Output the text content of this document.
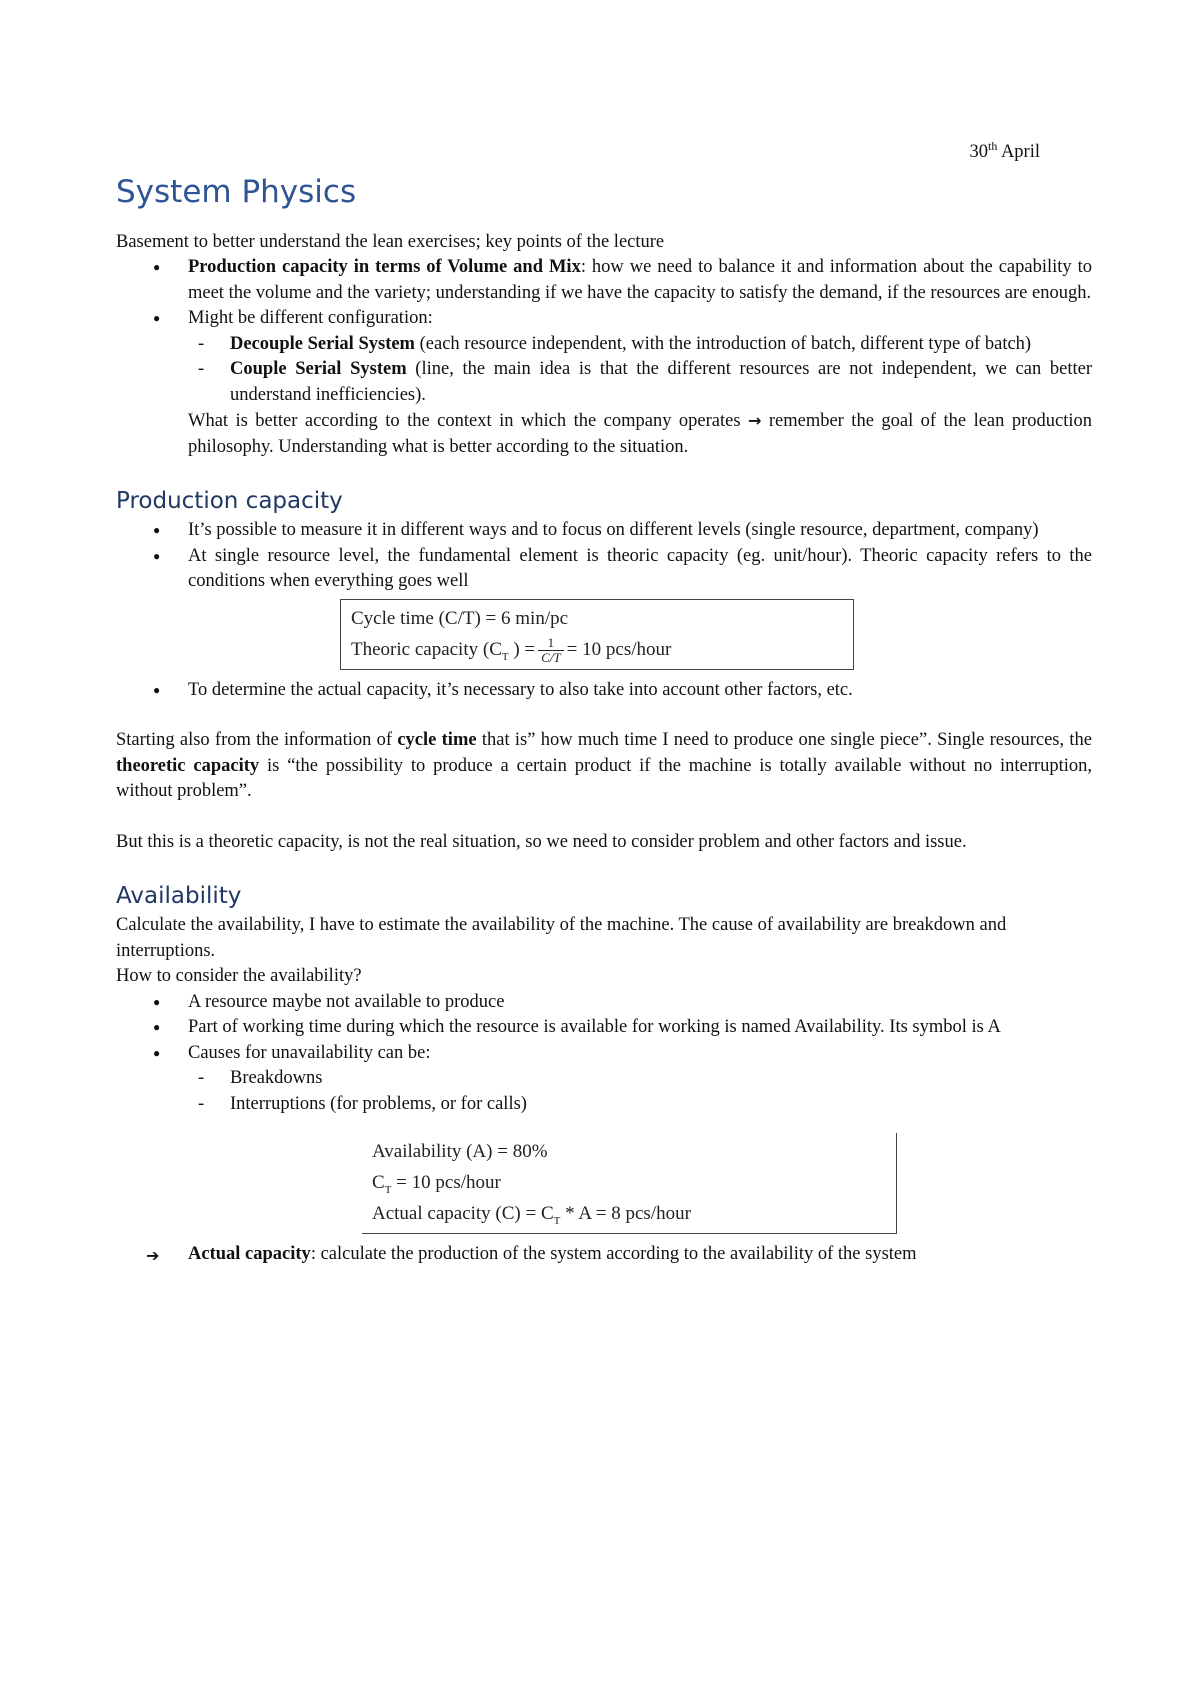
30th April
System Physics

Basement to better understand the lean exercises; key points of the lecture

● Production capacity in terms of Volume and Mix: how we need to balance it and information about the capability to meet the volume and the variety; understanding if we have the capacity to satisfy the demand, if the resources are enough.
● Might be different configuration:
- Decouple Serial System (each resource independent, with the introduction of batch, different type of batch)
- Couple Serial System (line, the main idea is that the different resources are not independent, we can better understand inefficiencies).

What is better according to the context in which the company operates → remember the goal of the lean production philosophy. Understanding what is better according to the situation.

Production capacity
● It’s possible to measure it in different ways and to focus on different levels (single resource, department, company)
● At single resource level, the fundamental element is theoric capacity (eg. unit/hour). Theoric capacity refers to the conditions when everything goes well
Cycle time (C/T) = 6 min/pc
Theoric capacity ($C_T$ ) = $\frac{1}{C/T} = 10$ pcs/hour
● To determine the actual capacity, it’s necessary to also take into account other factors, etc.

Starting also from the information of cycle time that is” how much time I need to produce one single piece”. Single resources, the theoretic capacity is “the possibility to produce a certain product if the machine is totally available without no interruption, without problem”.

But this is a theoretic capacity, is not the real situation, so we need to consider problem and other factors and issue.

Availability

Calculate the availability, I have to estimate the availability of the machine. The cause of availability are breakdown and interruptions.

How to consider the availability?

● A resource maybe not available to produce
● Part of working time during which the resource is available for working is named Availability. Its symbol is A
● Causes for unavailability can be:
- Breakdowns
- Interruptions (for problems, or for calls)
Availability (A) = 80%
$C_T = 10$ pcs/hour
Actual capacity $(C) = C_T * A = 8$ pcs/hour

➔ Actual capacity: calculate the production of the system according to the availability of the system
